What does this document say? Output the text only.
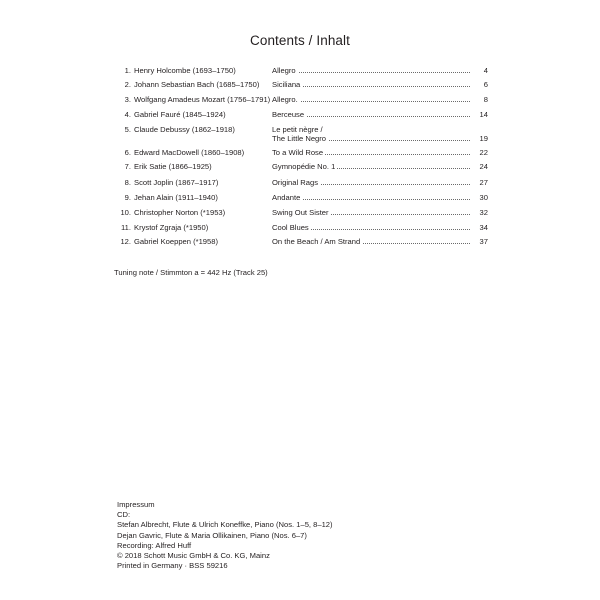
Contents / Inhalt
1. Henry Holcombe (1693–1750)	Allegro	4
2. Johann Sebastian Bach (1685–1750) Siciliana	6
3. Wolfgang Amadeus Mozart (1756–1791) Allegro.	8
4. Gabriel Fauré (1845–1924)	Berceuse	14
5. Claude Debussy (1862–1918)	Le petit nègre /
The Little Negro	19
6. Edward MacDowell (1860–1908)	To a Wild Rose	22
7. Erik Satie (1866–1925)	Gymnopédie No. 1	24
8. Scott Joplin (1867–1917)	Original Rags	27
9. Jehan Alain (1911–1940)	Andante	30
10. Christopher Norton (*1953)	Swing Out Sister	32
11. Krystof Zgraja (*1950)	Cool Blues	34
12. Gabriel Koeppen (*1958)	On the Beach / Am Strand	37
Tuning note / Stimmton a = 442 Hz (Track 25)
Impressum
CD:
Stefan Albrecht, Flute & Ulrich Koneffke, Piano (Nos. 1–5, 8–12)
Dejan Gavric, Flute & Maria Ollikainen, Piano (Nos. 6–7)
Recording: Alfred Huff
© 2018 Schott Music GmbH & Co. KG, Mainz
Printed in Germany · BSS 59216
